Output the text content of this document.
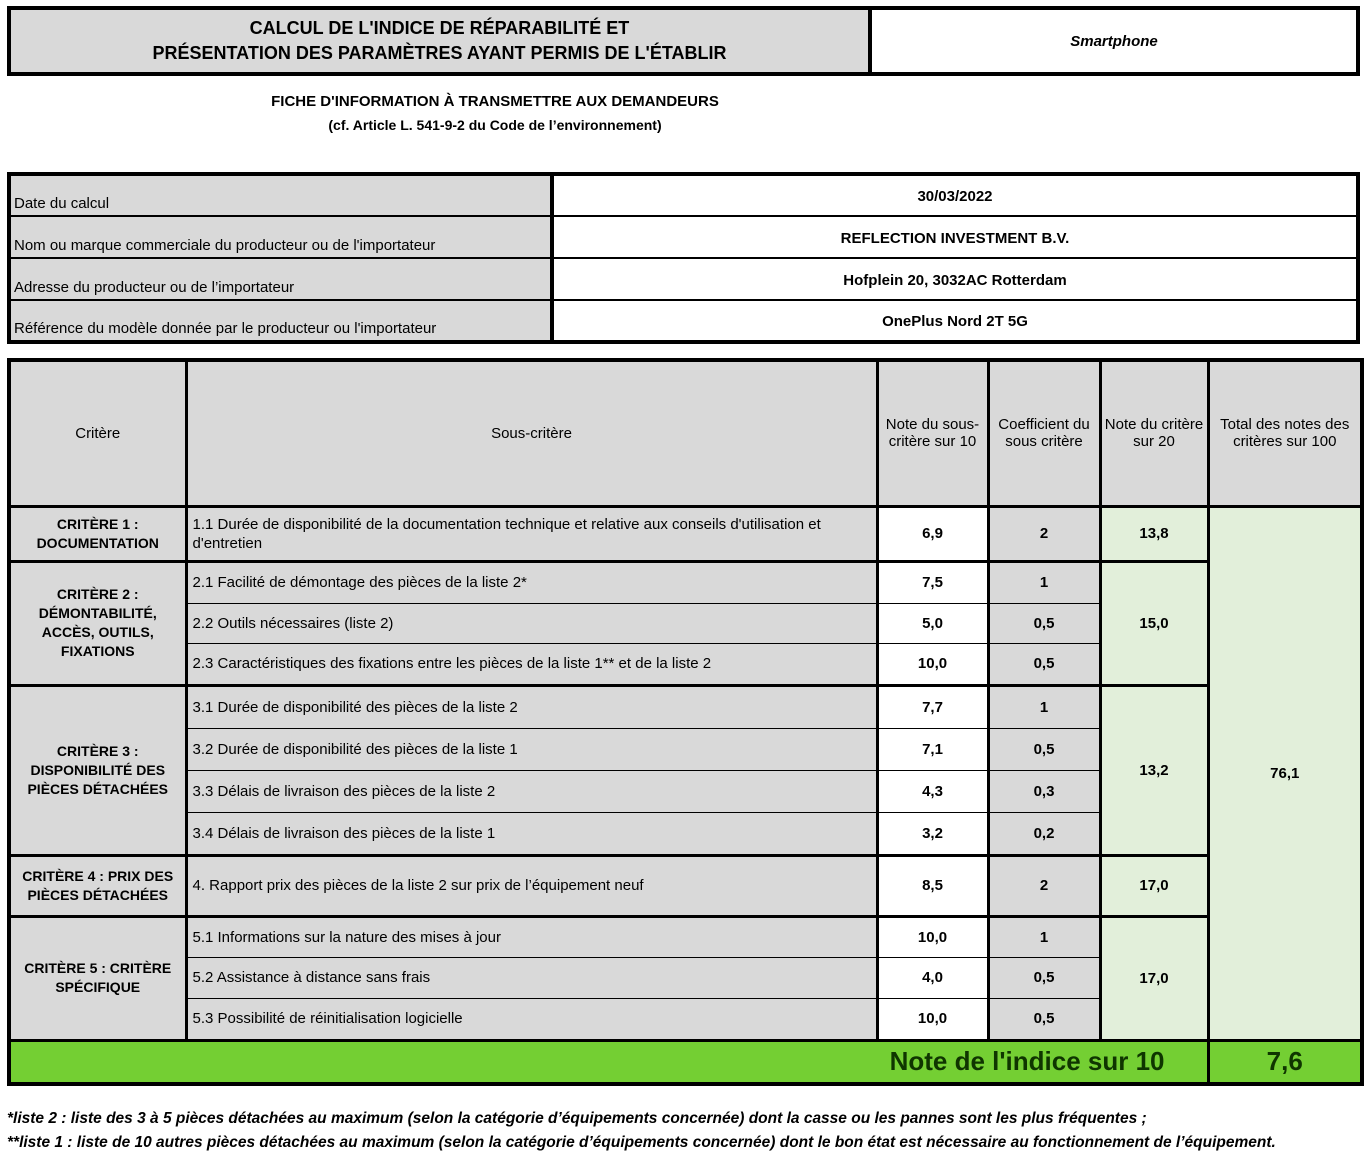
CALCUL DE L'INDICE DE RÉPARABILITÉ ET
PRÉSENTATION DES PARAMÈTRES AYANT PERMIS DE L'ÉTABLIR
Smartphone
FICHE D'INFORMATION À TRANSMETTRE AUX DEMANDEURS
(cf. Article L. 541-9-2 du Code de l’environnement)
Date du calcul	30/03/2022
Nom ou marque commerciale du producteur ou de l'importateur	REFLECTION INVESTMENT B.V.
Adresse du producteur ou de l’importateur	Hofplein 20, 3032AC Rotterdam
Référence du modèle donnée par le producteur ou l'importateur	OnePlus Nord 2T 5G
Critère	Sous-critère	Note du sous-critère sur 10	Coefficient du sous critère	Note du critère sur 20	Total des notes des critères sur 100
CRITÈRE 1 : DOCUMENTATION	1.1 Durée de disponibilité de la documentation technique et relative aux conseils d'utilisation et d'entretien	6,9	2	13,8	76,1
CRITÈRE 2 : DÉMONTABILITÉ, ACCÈS, OUTILS, FIXATIONS	2.1 Facilité de démontage des pièces de la liste 2*	7,5	1	15,0	
	2.2 Outils nécessaires (liste 2)	5,0	0,5		
	2.3 Caractéristiques des fixations entre les pièces de la liste 1** et de la liste 2	10,0	0,5		
CRITÈRE 3 : DISPONIBILITÉ DES PIÈCES DÉTACHÉES	3.1 Durée de disponibilité des pièces de la liste 2	7,7	1	13,2	
	3.2 Durée de disponibilité des pièces de la liste 1	7,1	0,5		
	3.3 Délais de livraison des pièces de la liste 2	4,3	0,3		
	3.4 Délais de livraison des pièces de la liste 1	3,2	0,2		
CRITÈRE 4 : PRIX DES PIÈCES DÉTACHÉES	4. Rapport prix des pièces de la liste 2 sur prix de l’équipement neuf	8,5	2	17,0	
CRITÈRE 5 : CRITÈRE SPÉCIFIQUE	5.1 Informations sur la nature des mises à jour	10,0	1	17,0	
	5.2 Assistance à distance sans frais	4,0	0,5		
	5.3 Possibilité de réinitialisation logicielle	10,0	0,5		
Note de l'indice sur 10					7,6
*liste 2 : liste des 3 à 5 pièces détachées au maximum (selon la catégorie d’équipements concernée) dont la casse ou les pannes sont les plus fréquentes ;
**liste 1 : liste de 10 autres pièces détachées au maximum (selon la catégorie d’équipements concernée) dont le bon état est nécessaire au fonctionnement de l’équipement.
